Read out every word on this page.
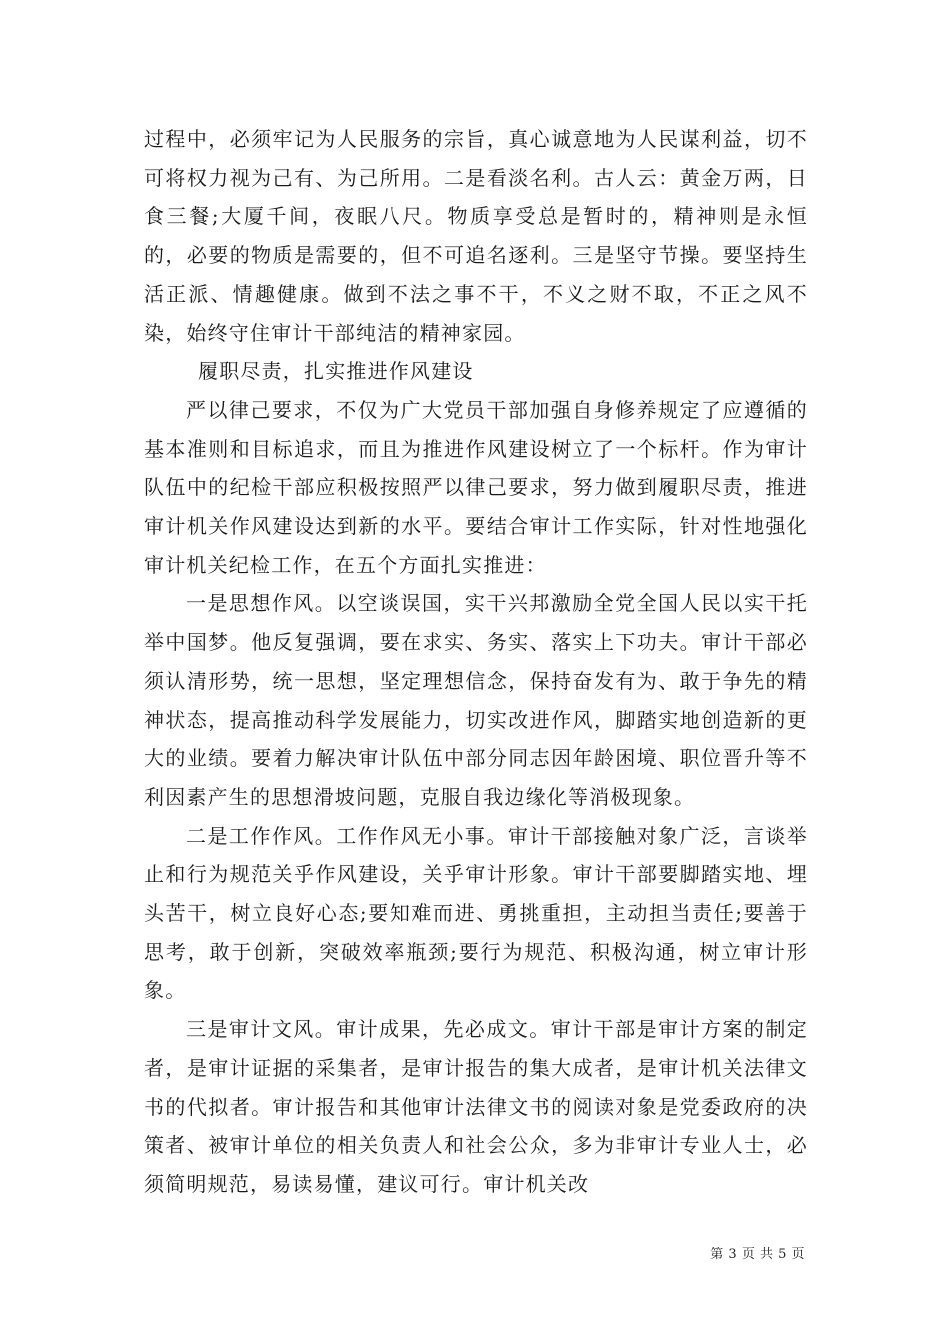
过程中，必须牢记为人民服务的宗旨，真心诚意地为人民谋利益，切不可将权力视为己有、为己所用。二是看淡名利。古人云：黄金万两，日食三餐;大厦千间，夜眠八尺。物质享受总是暂时的，精神则是永恒的，必要的物质是需要的，但不可追名逐利。三是坚守节操。要坚持生活正派、情趣健康。做到不法之事不干，不义之财不取，不正之风不染，始终守住审计干部纯洁的精神家园。

履职尽责，扎实推进作风建设

严以律己要求，不仅为广大党员干部加强自身修养规定了应遵循的基本准则和目标追求，而且为推进作风建设树立了一个标杆。作为审计队伍中的纪检干部应积极按照严以律己要求，努力做到履职尽责，推进审计机关作风建设达到新的水平。要结合审计工作实际，针对性地强化审计机关纪检工作，在五个方面扎实推进：

一是思想作风。以空谈误国，实干兴邦激励全党全国人民以实干托举中国梦。他反复强调，要在求实、务实、落实上下功夫。审计干部必须认清形势，统一思想，坚定理想信念，保持奋发有为、敢于争先的精神状态，提高推动科学发展能力，切实改进作风，脚踏实地创造新的更大的业绩。要着力解决审计队伍中部分同志因年龄困境、职位晋升等不利因素产生的思想滑坡问题，克服自我边缘化等消极现象。

二是工作作风。工作作风无小事。审计干部接触对象广泛，言谈举止和行为规范关乎作风建设，关乎审计形象。审计干部要脚踏实地、埋头苦干，树立良好心态;要知难而进、勇挑重担，主动担当责任;要善于思考，敢于创新，突破效率瓶颈;要行为规范、积极沟通，树立审计形象。

三是审计文风。审计成果，先必成文。审计干部是审计方案的制定者，是审计证据的采集者，是审计报告的集大成者，是审计机关法律文书的代拟者。审计报告和其他审计法律文书的阅读对象是党委政府的决策者、被审计单位的相关负责人和社会公众，多为非审计专业人士，必须简明规范，易读易懂，建议可行。审计机关改

第 3 页 共 5 页
